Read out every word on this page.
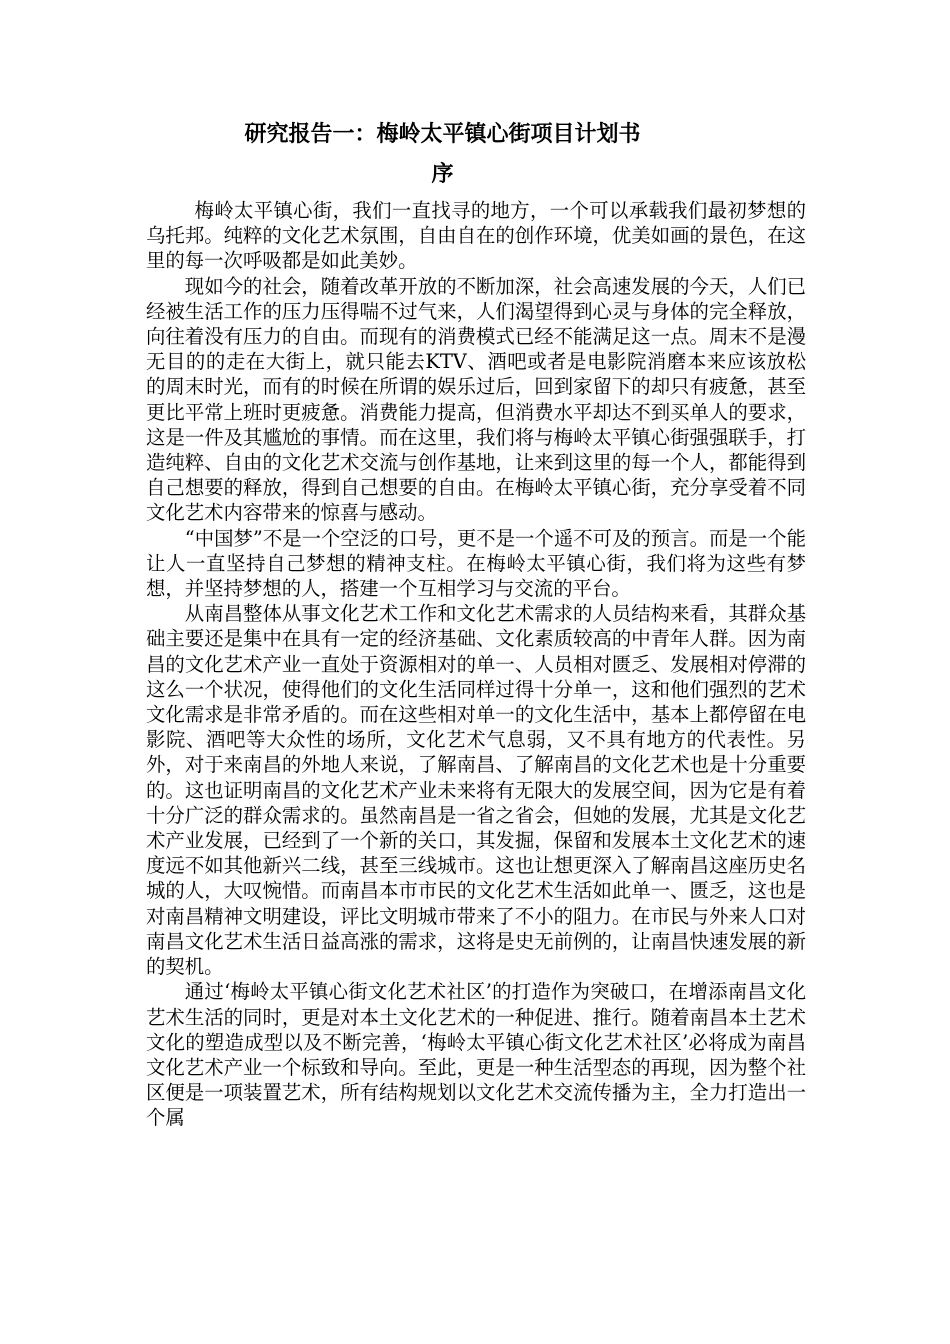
研究报告一：梅岭太平镇心街项目计划书
序

梅岭太平镇心街，我们一直找寻的地方，一个可以承载我们最初梦想的乌托邦。纯粹的文化艺术氛围，自由自在的创作环境，优美如画的景色，在这里的每一次呼吸都是如此美妙。

现如今的社会，随着改革开放的不断加深，社会高速发展的今天，人们已经被生活工作的压力压得喘不过气来，人们渴望得到心灵与身体的完全释放，向往着没有压力的自由。而现有的消费模式已经不能满足这一点。周末不是漫无目的的走在大街上，就只能去KTV、酒吧或者是电影院消磨本来应该放松的周末时光，而有的时候在所谓的娱乐过后，回到家留下的却只有疲惫，甚至更比平常上班时更疲惫。消费能力提高，但消费水平却达不到买单人的要求，这是一件及其尴尬的事情。而在这里，我们将与梅岭太平镇心街强强联手，打造纯粹、自由的文化艺术交流与创作基地，让来到这里的每一个人，都能得到自己想要的释放，得到自己想要的自由。在梅岭太平镇心街，充分享受着不同文化艺术内容带来的惊喜与感动。

“中国梦”不是一个空泛的口号，更不是一个遥不可及的预言。而是一个能让人一直坚持自己梦想的精神支柱。在梅岭太平镇心街，我们将为这些有梦想，并坚持梦想的人，搭建一个互相学习与交流的平台。

从南昌整体从事文化艺术工作和文化艺术需求的人员结构来看，其群众基础主要还是集中在具有一定的经济基础、文化素质较高的中青年人群。因为南昌的文化艺术产业一直处于资源相对的单一、人员相对匮乏、发展相对停滞的这么一个状况，使得他们的文化生活同样过得十分单一，这和他们强烈的艺术文化需求是非常矛盾的。而在这些相对单一的文化生活中，基本上都停留在电影院、酒吧等大众性的场所，文化艺术气息弱，又不具有地方的代表性。另外，对于来南昌的外地人来说，了解南昌、了解南昌的文化艺术也是十分重要的。这也证明南昌的文化艺术产业未来将有无限大的发展空间，因为它是有着十分广泛的群众需求的。虽然南昌是一省之省会，但她的发展，尤其是文化艺术产业发展，已经到了一个新的关口，其发掘，保留和发展本土文化艺术的速度远不如其他新兴二线，甚至三线城市。这也让想更深入了解南昌这座历史名城的人，大叹惋惜。而南昌本市市民的文化艺术生活如此单一、匮乏，这也是对南昌精神文明建设，评比文明城市带来了不小的阻力。在市民与外来人口对南昌文化艺术生活日益高涨的需求，这将是史无前例的，让南昌快速发展的新的契机。

通过‘梅岭太平镇心街文化艺术社区’的打造作为突破口，在增添南昌文化艺术生活的同时，更是对本土文化艺术的一种促进、推行。随着南昌本土艺术文化的塑造成型以及不断完善，‘梅岭太平镇心街文化艺术社区’必将成为南昌文化艺术产业一个标致和导向。至此，更是一种生活型态的再现，因为整个社区便是一项装置艺术，所有结构规划以文化艺术交流传播为主，全力打造出一个属
